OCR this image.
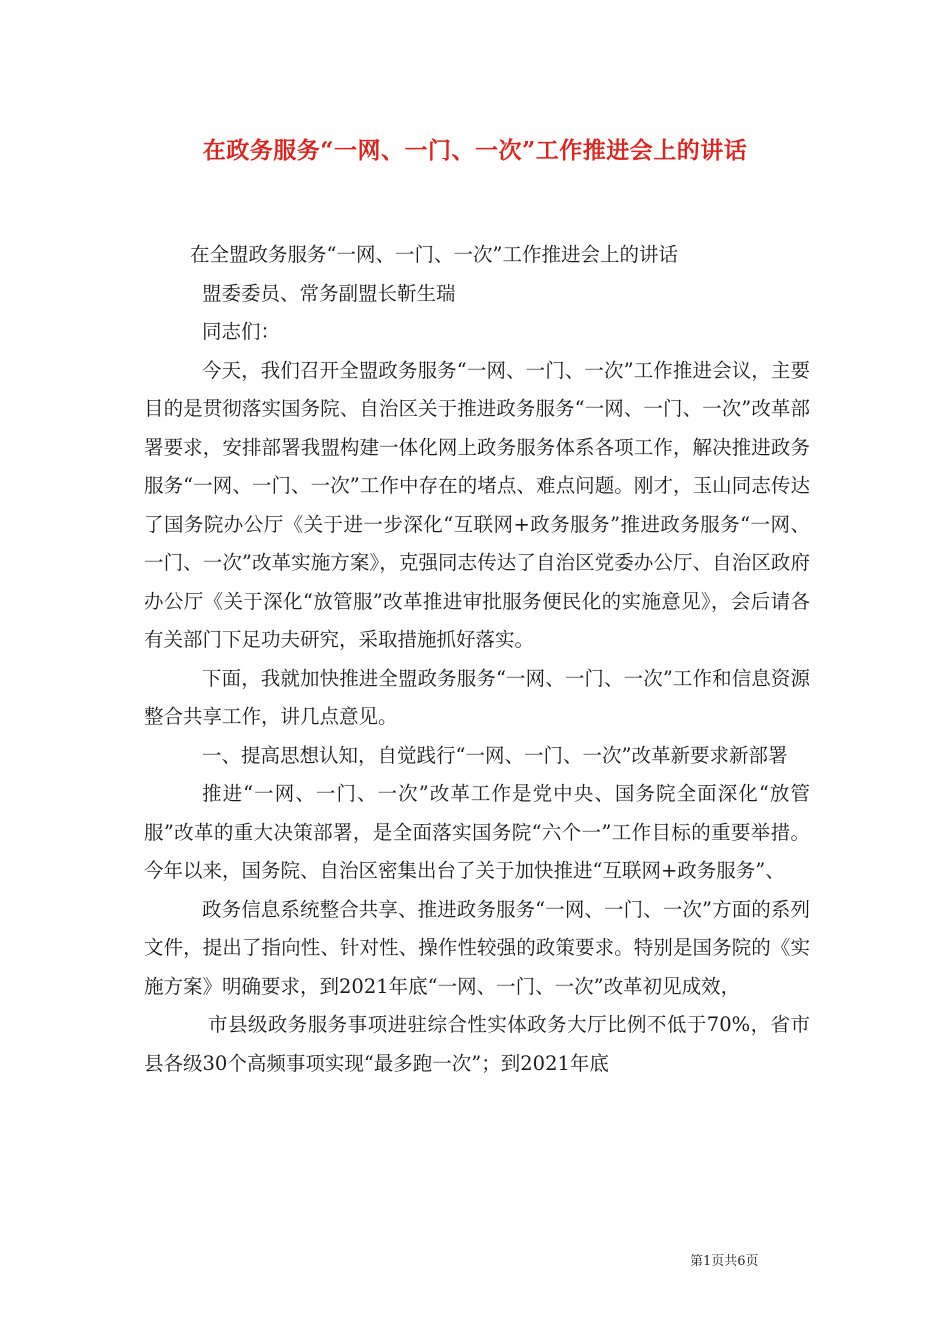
在政务服务“一网、一门、一次”工作推进会上的讲话

在全盟政务服务“一网、一门、一次”工作推进会上的讲话

盟委委员、常务副盟长靳生瑞

同志们：

今天，我们召开全盟政务服务“一网、一门、一次”工作推进会议，主要目的是贯彻落实国务院、自治区关于推进政务服务“一网、一门、一次”改革部署要求，安排部署我盟构建一体化网上政务服务体系各项工作，解决推进政务服务“一网、一门、一次”工作中存在的堵点、难点问题。刚才，玉山同志传达了国务院办公厅《关于进一步深化“互联网+政务服务”推进政务服务“一网、一门、一次”改革实施方案》，克强同志传达了自治区党委办公厅、自治区政府办公厅《关于深化“放管服”改革推进审批服务便民化的实施意见》，会后请各有关部门下足功夫研究，采取措施抓好落实。

下面，我就加快推进全盟政务服务“一网、一门、一次”工作和信息资源整合共享工作，讲几点意见。

一、提高思想认知，自觉践行“一网、一门、一次”改革新要求新部署

推进“一网、一门、一次”改革工作是党中央、国务院全面深化“放管服”改革的重大决策部署，是全面落实国务院“六个一”工作目标的重要举措。今年以来，国务院、自治区密集出台了关于加快推进“互联网+政务服务”、

政务信息系统整合共享、推进政务服务“一网、一门、一次”方面的系列文件，提出了指向性、针对性、操作性较强的政策要求。特别是国务院的《实施方案》明确要求，到2021年底“一网、一门、一次”改革初见成效，

市县级政务服务事项进驻综合性实体政务大厅比例不低于70%，省市县各级30个高频事项实现“最多跑一次”；到2021年底

第1页共6页
